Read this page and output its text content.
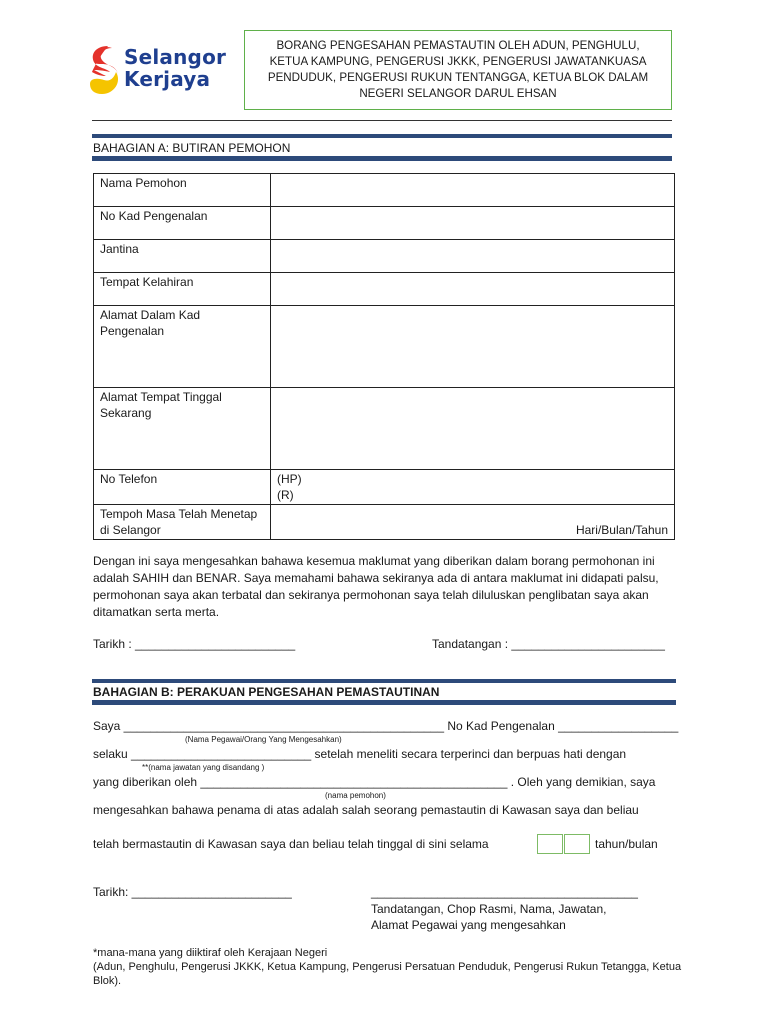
Selangor
Kerjaya
BORANG PENGESAHAN PEMASTAUTIN OLEH ADUN, PENGHULU, KETUA KAMPUNG, PENGERUSI JKKK, PENGERUSI JAWATANKUASA PENDUDUK, PENGERUSI RUKUN TENTANGGA, KETUA BLOK DALAM NEGERI SELANGOR DARUL EHSAN
BAHAGIAN A: BUTIRAN PEMOHON
Nama Pemohon	
No Kad Pengenalan	
Jantina	
Tempat Kelahiran	
Alamat Dalam Kad Pengenalan	
Alamat Tempat Tinggal Sekarang	
No Telefon	(HP)
(R)

Tempoh Masa Telah Menetap di Selangor	Hari/Bulan/Tahun
Dengan ini saya mengesahkan bahawa kesemua maklumat yang diberikan dalam borang permohonan ini adalah SAHIH dan BENAR. Saya memahami bahawa sekiranya ada di antara maklumat ini didapati palsu, permohonan saya akan terbatal dan sekiranya permohonan saya telah diluluskan penglibatan saya akan ditamatkan serta merta.
Tarikh : ________________________	Tandatangan : _______________________
BAHAGIAN B: PERAKUAN PENGESAHAN PEMASTAUTINAN
Saya ________________________________________________ No Kad Pengenalan __________________
(Nama Pegawai/Orang Yang Mengesahkan)
selaku ___________________________ setelah meneliti secara terperinci dan berpuas hati dengan
**(nama jawatan yang disandang )
yang diberikan oleh ______________________________________________ . Oleh yang demikian, saya
(nama pemohon)
mengesahkan bahawa penama di atas adalah salah seorang pemastautin di Kawasan saya dan beliau
telah bermastautin di Kawasan saya dan beliau telah tinggal di sini selama	tahun/bulan
Tarikh: ________________________	________________________________________
Tandatangan, Chop Rasmi, Nama, Jawatan,
Alamat Pegawai yang mengesahkan
*mana-mana yang diiktiraf oleh Kerajaan Negeri
(Adun, Penghulu, Pengerusi JKKK, Ketua Kampung, Pengerusi Persatuan Penduduk, Pengerusi Rukun Tetangga, Ketua Blok).
